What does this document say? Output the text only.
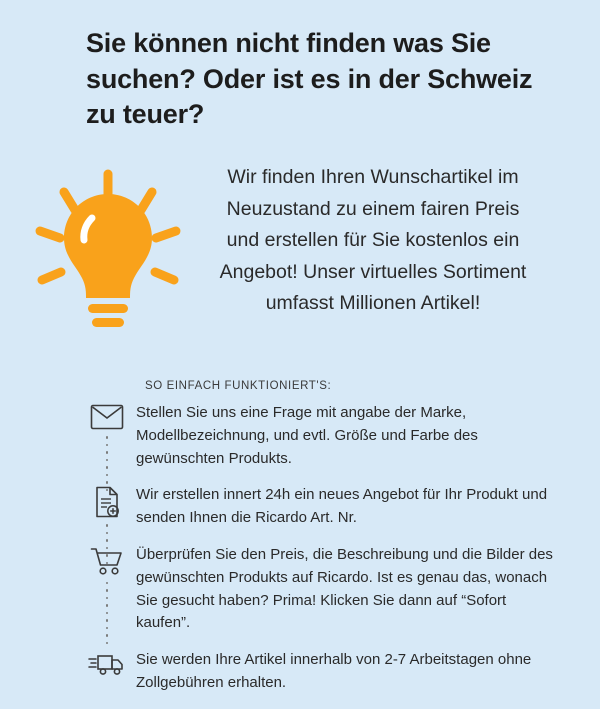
Sie können nicht finden was Sie suchen? Oder ist es in der Schweiz zu teuer?
Wir finden Ihren Wunschartikel im Neuzustand zu einem fairen Preis und erstellen für Sie kostenlos ein Angebot! Unser virtuelles Sortiment umfasst Millionen Artikel!
SO EINFACH FUNKTIONIERT'S:
Stellen Sie uns eine Frage mit angabe der Marke, Modellbezeichnung, und evtl. Größe und Farbe des gewünschten Produkts.
Wir erstellen innert 24h ein neues Angebot für Ihr Produkt und senden Ihnen die Ricardo Art. Nr.
Überprüfen Sie den Preis, die Beschreibung und die Bilder des gewünschten Produkts auf Ricardo. Ist es genau das, wonach Sie gesucht haben? Prima! Klicken Sie dann auf “Sofort kaufen”.
Sie werden Ihre Artikel innerhalb von 2-7 Arbeitstagen ohne Zollgebühren erhalten.
